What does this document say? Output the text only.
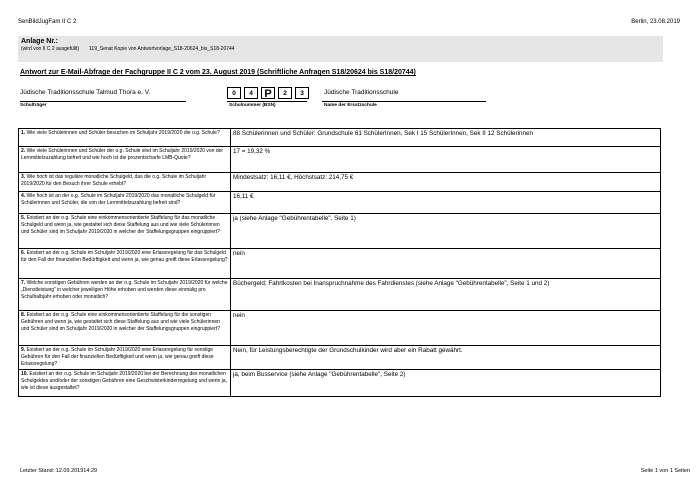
SenBildJugFam II C 2	Berlin, 23.08.2019
Anlage Nr.:
(wird von II C 2 ausgefüllt) 119_Senat Kopie von Antwortvorlage_S18-20624_bis_S18-20744
Antwort zur E-Mail-Abfrage der Fachgruppe II C 2 vom 23. August 2019 (Schriftliche Anfragen S18/20624 bis S18/20744)
Jüdische Traditionsschule Talmud Thora e. V.
Schulträger
0	4	P	2	3
Schulnummer (BSN)
Jüdische Traditionsschule
Name der Ersatzschule
1. Wie viele Schülerinnen und Schüler besuchen im Schuljahr 2019/2020 die o.g. Schule?	88 Schülerinnen und Schüler: Grundschule 61 SchülerInnen, Sek I 15 SchülerInnen, Sek II 12 Schülerinnen
2. Wie viele Schülerinnen und Schüler der o.g. Schule sind im Schuljahr 2019/2020 von der Lernmittelzuzahlung befreit und wie hoch ist die prozentscharfe LMB-Quote?	17 = 19,32 %
3. Wie hoch ist das reguläre monatliche Schulgeld, das die o.g. Schule im Schuljahr 2019/2020 für den Besuch ihrer Schule erhebt?	Mindestsatz: 16,11 €, Höchstsatz: 214,75 €
4. Wie hoch ist an der o.g. Schule im Schuljahr 2019/2020 das monatliche Schulgeld für Schülerinnen und Schüler, die von der Lernmittelzuzahlung befreit sind?	16,11 €
5. Existiert an der o.g. Schule eine einkommensorientierte Staffelung für das monatliche Schulgeld und wenn ja, wie gestaltet sich diese Staffelung aus und wie viele Schülerinnen und Schüler sind im Schuljahr 2019/2020 in welcher der Staffelungsgruppen eingruppiert?	ja (siehe Anlage "Gebührentabelle", Seite 1)
6. Existiert an der o.g. Schule im Schuljahr 2019/2020 eine Erlassregelung für das Schulgeld für den Fall der finanziellen Bedürftigkeit und wenn ja, wie genau greift diese Erlassregelung?	nein
7. Welche sonstigen Gebühren werden an der o.g. Schule im Schuljahr 2019/2020 für welche „Dienstleistung“ in welcher jeweiligen Höhe erhoben und werden diese einmalig pro Schulhalbjahr erhoben oder monatlich?	Büchergeld; Fahrtkosten bei Inanspruchnahme des Fahrdienstes (siehe Anlage "Gebührentabelle", Seite 1 und 2)
8. Existiert an der o.g. Schule eine einkommensorientierte Staffelung für die sonstigen Gebühren und wenn ja, wie gestaltet sich diese Staffelung aus und wie viele Schülerinnen und Schüler sind im Schuljahr 2019/2020 in welcher der Staffelungsgruppen eingruppiert?	nein
9. Existiert an der o.g. Schule im Schuljahr 2019/2020 eine Erlassregelung für sonstige Gebühren für den Fall der finanziellen Bedürftigkeit und wenn ja, wie genau greift diese Erlassregelung?	Nein, für Leistungsberechtigte der Grundschulkinder wird aber ein Rabatt gewährt.
10. Existiert an der o.g. Schule im Schuljahr 2019/2020 bei der Berechnung des monatlichen Schulgeldes und/oder der sonstigen Gebühren eine Geschwisterkinderregelung und wenn ja, wie ist diese ausgestaltet?	ja, beim Busservice (siehe Anlage "Gebührentabelle", Seite 2)
Letzter Stand: 12.09.201914:29	Seite 1 von 1 Seiten
